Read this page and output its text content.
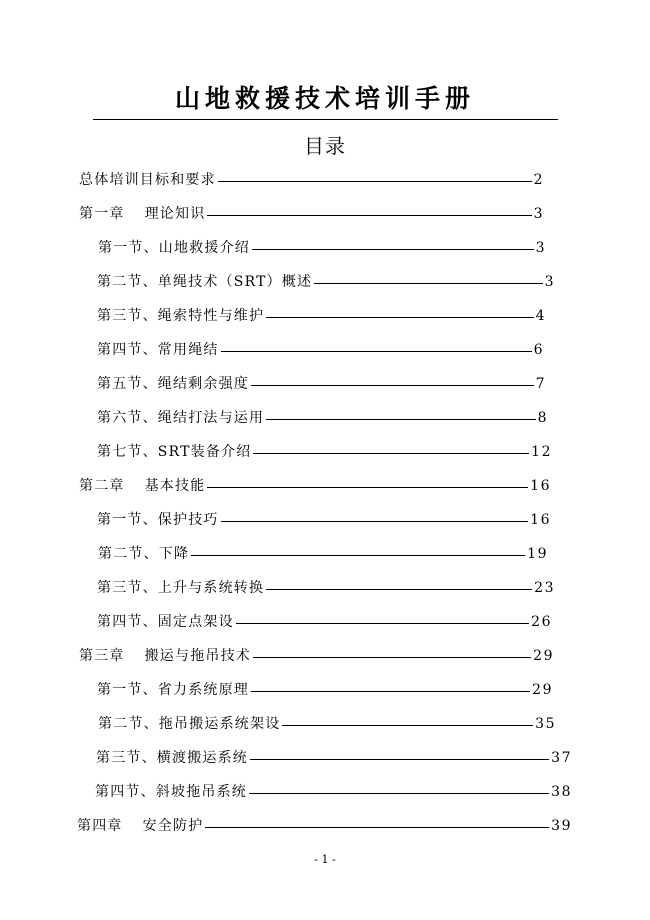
山地救援技术培训手册
目录
总体培训目标和要求	2
第一章 理论知识	3
第一节、山地救援介绍	3
第二节、单绳技术（SRT）概述	3
第三节、绳索特性与维护	4
第四节、常用绳结	6
第五节、绳结剩余强度	7
第六节、绳结打法与运用	8
第七节、SRT装备介绍	12
第二章 基本技能	16
第一节、保护技巧	16
第二节、下降	19
第三节、上升与系统转换	23
第四节、固定点架设	26
第三章 搬运与拖吊技术	29
第一节、省力系统原理	29
第二节、拖吊搬运系统架设	35
第三节、横渡搬运系统	37
第四节、斜坡拖吊系统	38
第四章 安全防护	39
- 1 -
